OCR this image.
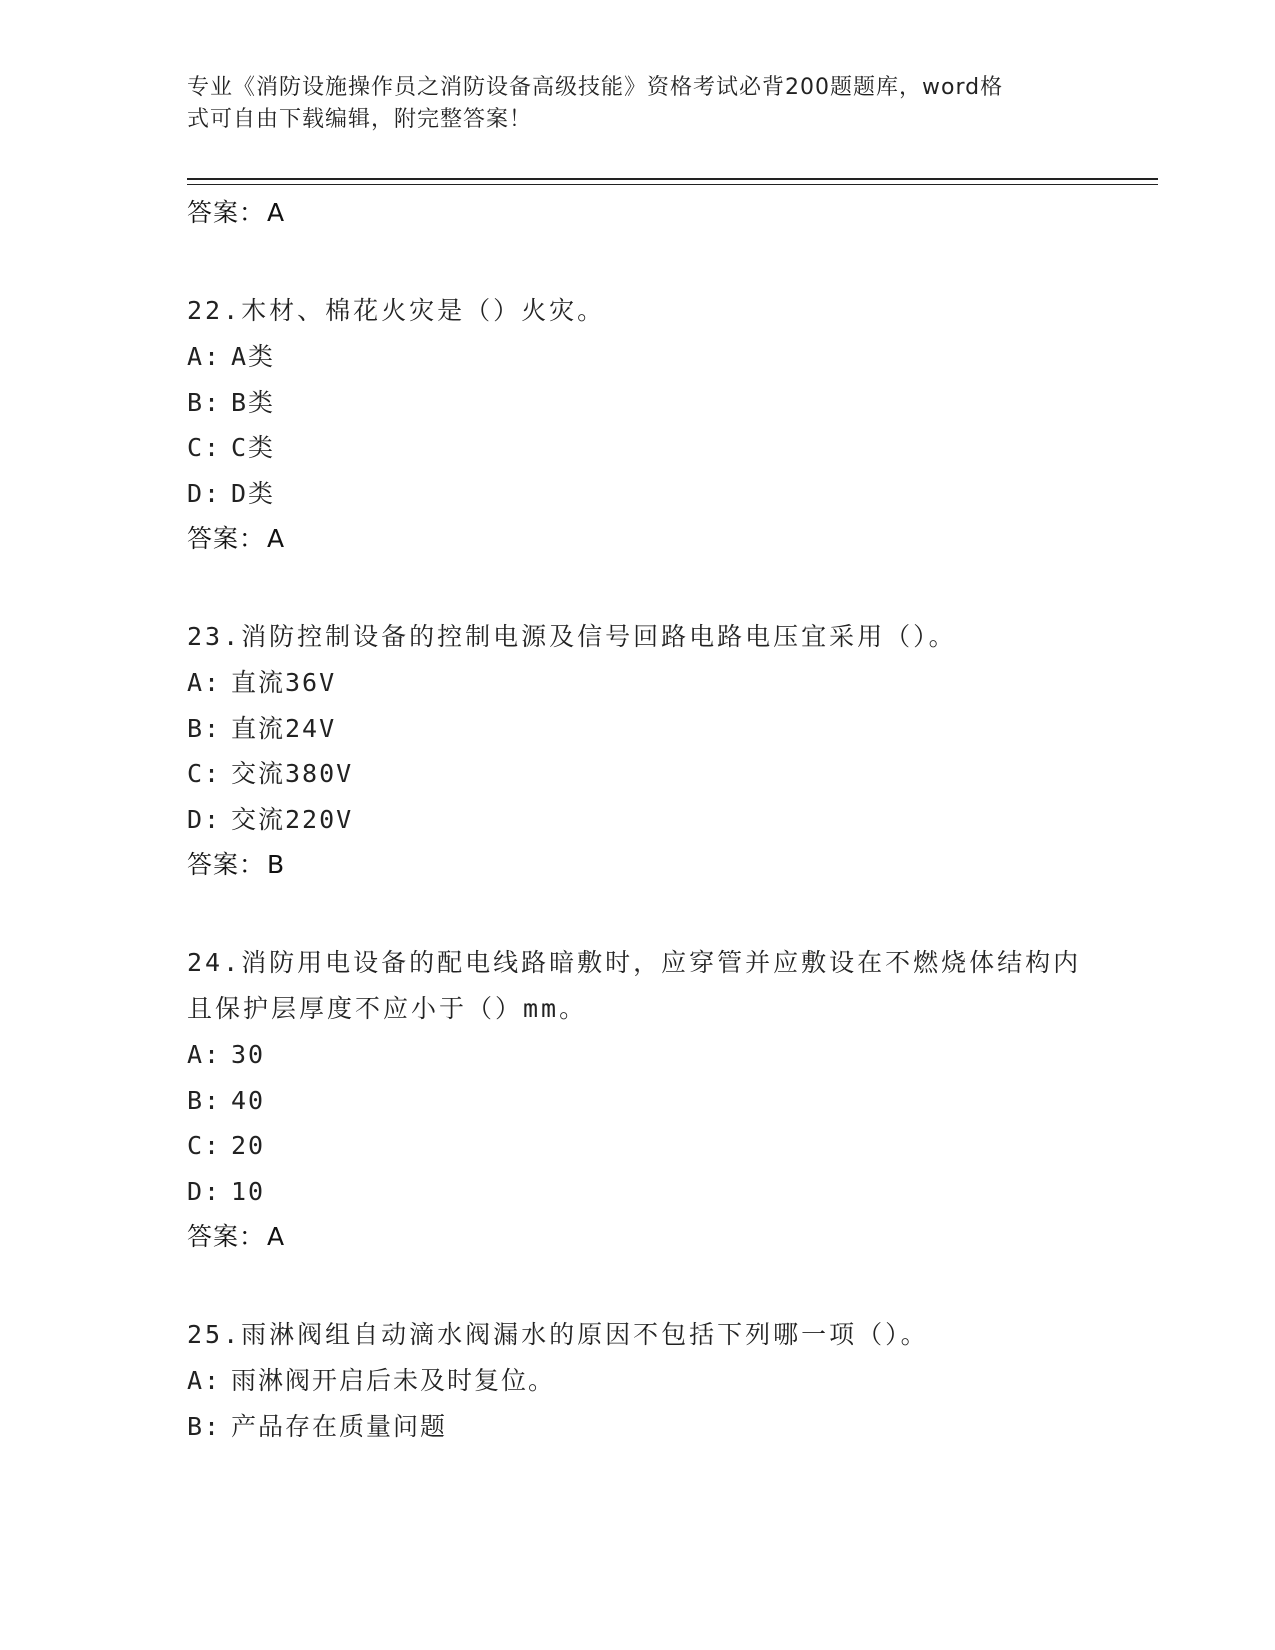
专业《消防设施操作员之消防设备高级技能》资格考试必背200题题库，word格
式可自由下载编辑，附完整答案！
答案：A
22.木材、棉花火灾是（）火灾。
A: A类
B: B类
C: C类
D: D类
答案：A
23.消防控制设备的控制电源及信号回路电路电压宜采用（）。
A: 直流36V
B: 直流24V
C: 交流380V
D: 交流220V
答案：B
24.消防用电设备的配电线路暗敷时，应穿管并应敷设在不燃烧体结构内且保护层厚度不应小于（）mm。
A: 30
B: 40
C: 20
D: 10
答案：A
25.雨淋阀组自动滴水阀漏水的原因不包括下列哪一项（）。
A: 雨淋阀开启后未及时复位。
B: 产品存在质量问题
